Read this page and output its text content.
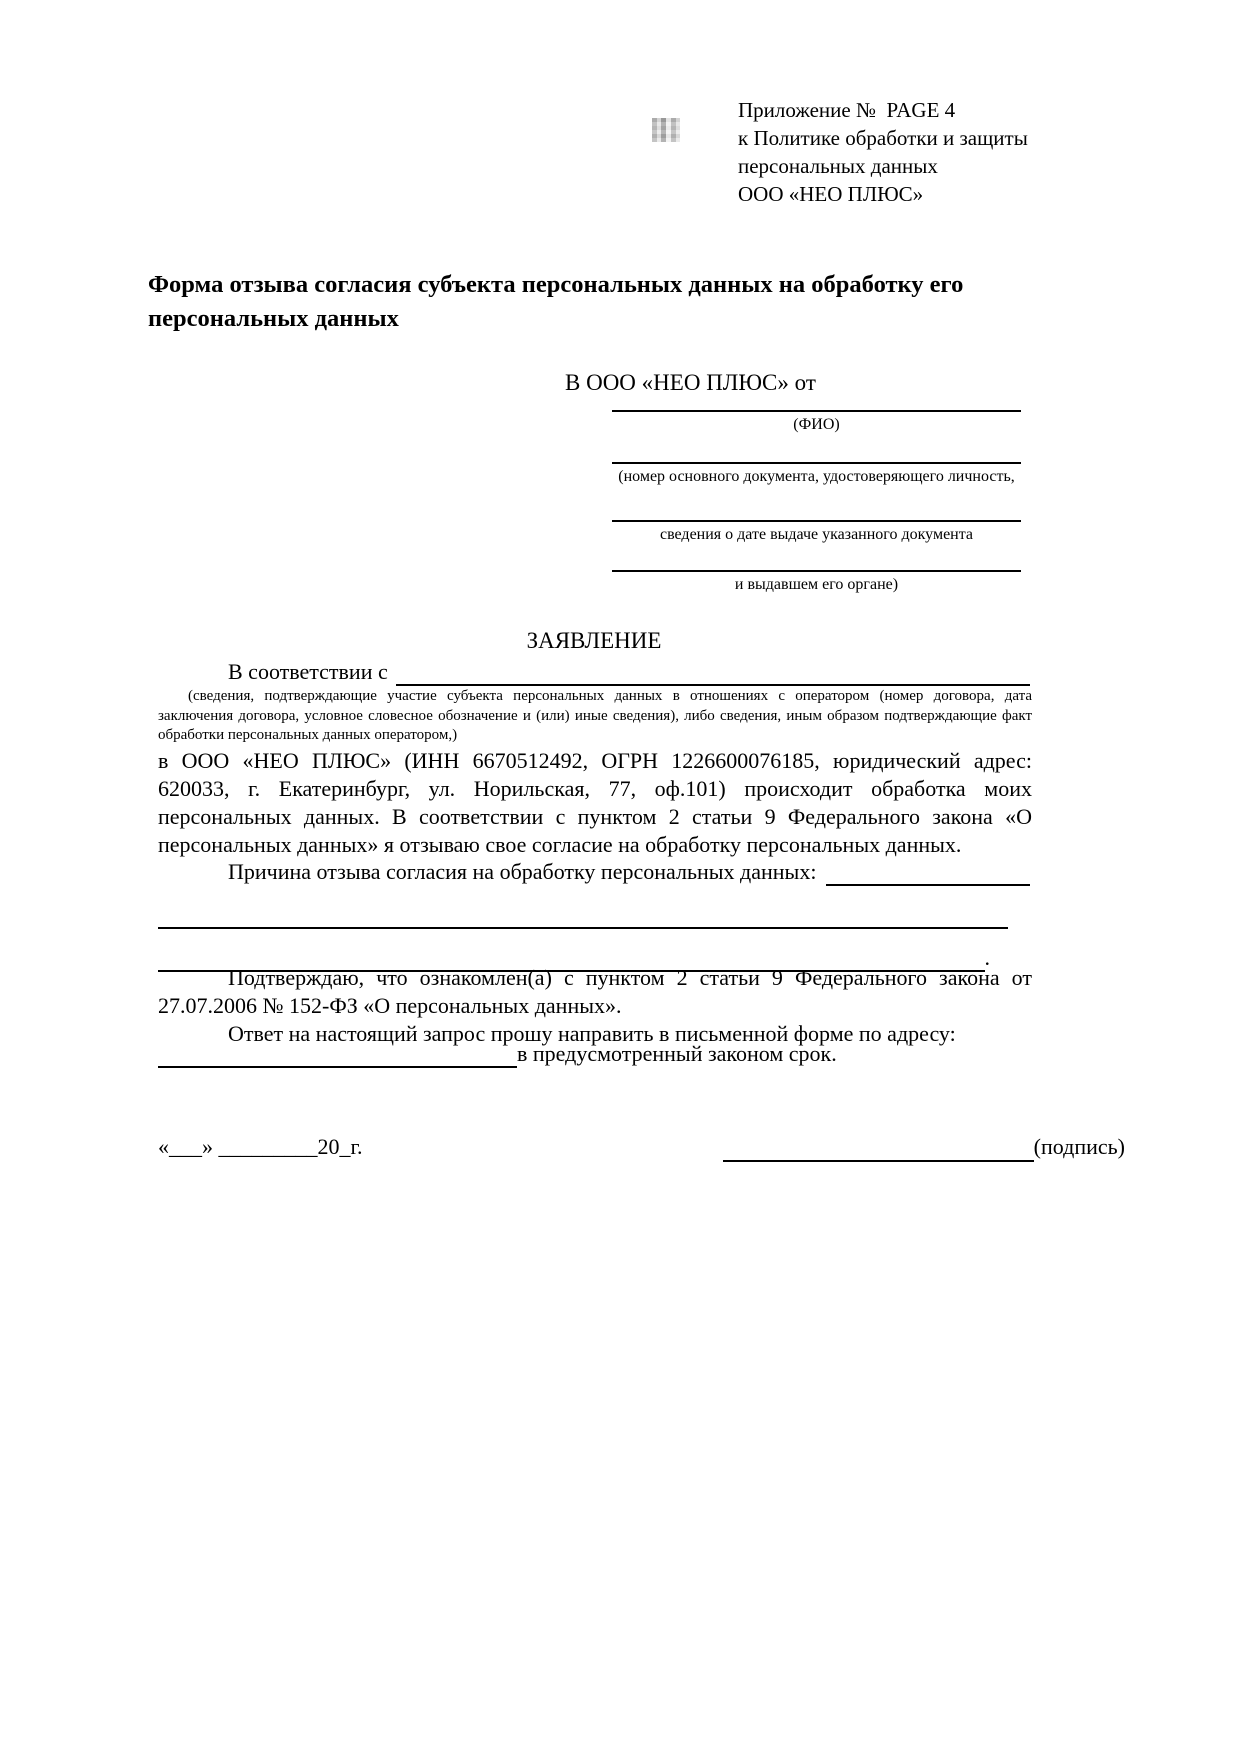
Приложение №  PAGE 4
к Политике обработки и защиты
персональных данных
ООО «НЕО ПЛЮС»
Форма отзыва согласия субъекта персональных данных на обработку его персональных данных
В ООО «НЕО ПЛЮС» от
(ФИО)
(номер основного документа, удостоверяющего личность,
сведения о дате выдаче указанного документа
и выдавшем его органе)
ЗАЯВЛЕНИЕ
В соответствии с
(сведения, подтверждающие участие субъекта персональных данных в отношениях с оператором (номер договора, дата заключения договора, условное словесное обозначение и (или) иные сведения), либо сведения, иным образом подтверждающие факт обработки персональных данных оператором,)
в ООО «НЕО ПЛЮС» (ИНН 6670512492, ОГРН 1226600076185, юридический адрес: 620033, г. Екатеринбург, ул. Норильская, 77, оф.101) происходит обработка моих персональных данных. В соответствии с пунктом 2 статьи 9 Федерального закона «О персональных данных» я отзываю свое согласие на обработку персональных данных.
Причина отзыва согласия на обработку персональных данных:
.
Подтверждаю, что ознакомлен(а) с пунктом 2 статьи 9 Федерального закона от 27.07.2006 № 152-ФЗ «О персональных данных».
Ответ на настоящий запрос прошу направить в письменной форме по адресу:
в предусмотренный законом срок.
«___» _________20_г.	(подпись)
